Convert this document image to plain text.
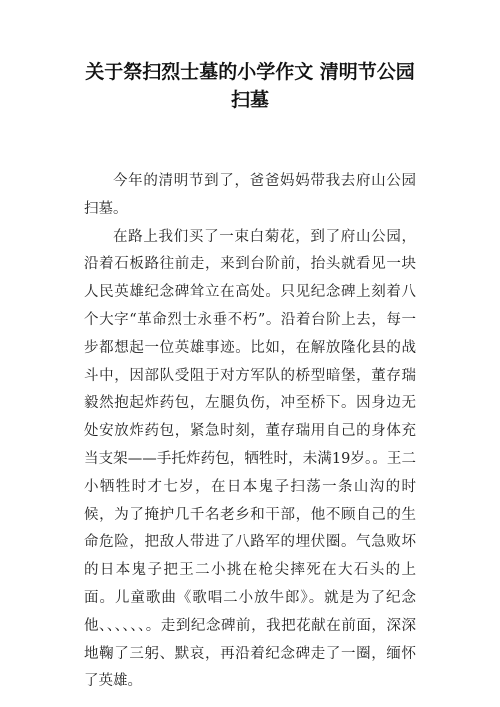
关于祭扫烈士墓的小学作文 清明节公园扫墓

今年的清明节到了，爸爸妈妈带我去府山公园扫墓。

在路上我们买了一束白菊花，到了府山公园，沿着石板路往前走，来到台阶前，抬头就看见一块人民英雄纪念碑耸立在高处。只见纪念碑上刻着八个大字“革命烈士永垂不朽”。沿着台阶上去，每一步都想起一位英雄事迹。比如，在解放隆化县的战斗中，因部队受阻于对方军队的桥型暗堡，董存瑞毅然抱起炸药包，左腿负伤，冲至桥下。因身边无处安放炸药包，紧急时刻，董存瑞用自己的身体充当支架——手托炸药包，牺牲时，未满19岁。。王二小牺牲时才七岁，在日本鬼子扫荡一条山沟的时候，为了掩护几千名老乡和干部，他不顾自己的生命危险，把敌人带进了八路军的埋伏圈。气急败坏的日本鬼子把王二小挑在枪尖摔死在大石头的上面。儿童歌曲《歌唱二小放牛郎》。就是为了纪念他、、、、、、。走到纪念碑前，我把花献在前面，深深地鞠了三躬、默哀，再沿着纪念碑走了一圈，缅怀了英雄。
